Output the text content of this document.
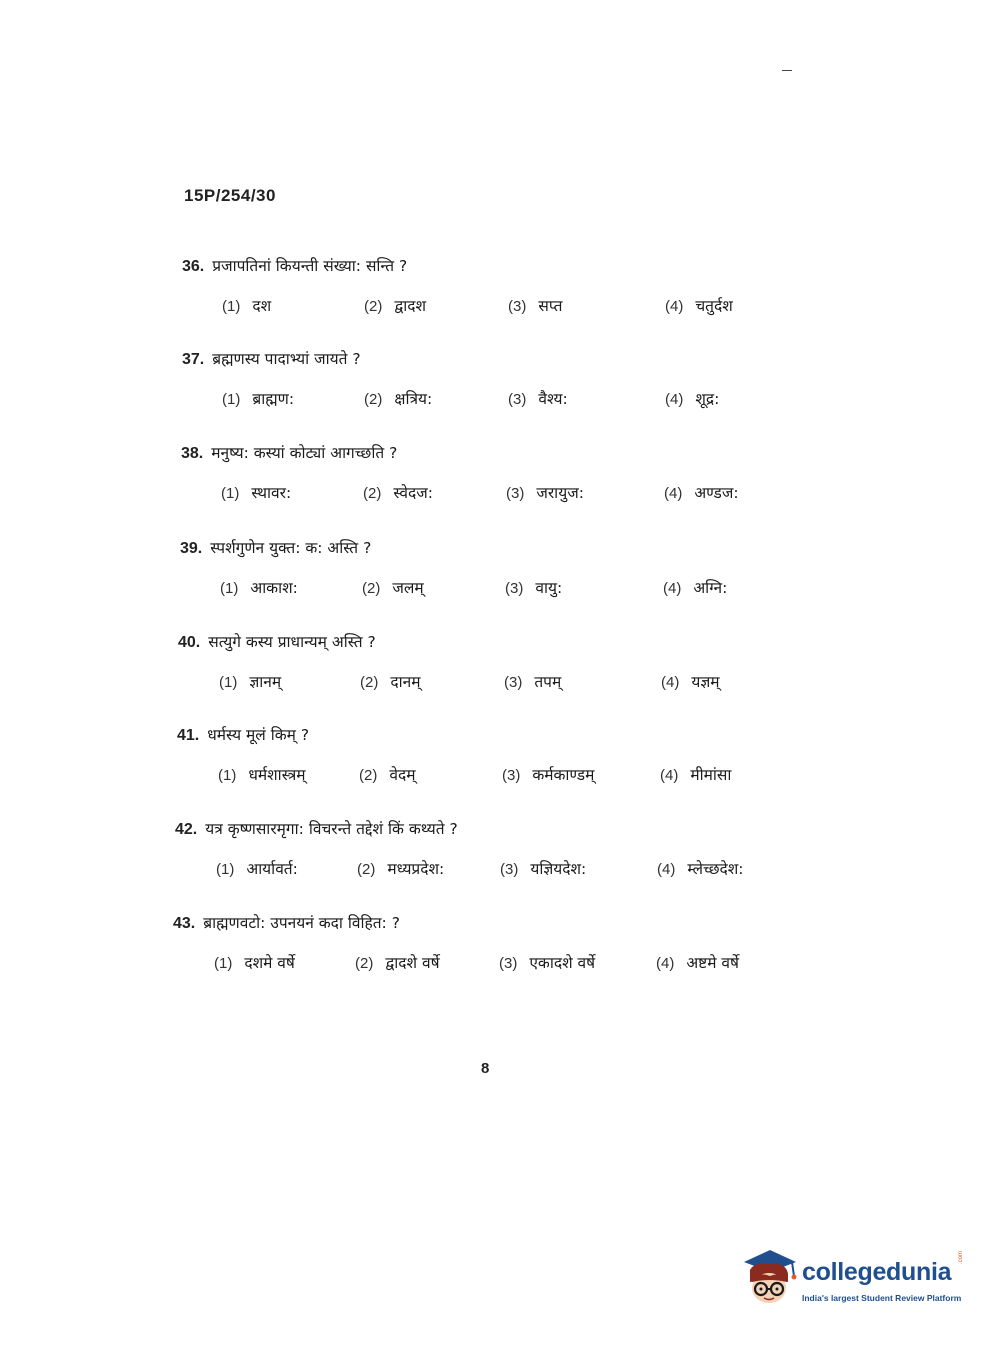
15P/254/30
36. प्रजापतिनां कियन्ती संख्या: सन्ति ?
(1) दश	(2) द्वादश	(3) सप्त	(4) चतुर्दश
37. ब्रह्मणस्य पादाभ्यां जायते ?
(1) ब्राह्मण:	(2) क्षत्रिय:	(3) वैश्य:	(4) शूद्र:
38. मनुष्य: कस्यां कोट्यां आगच्छति ?
(1) स्थावर:	(2) स्वेदज:	(3) जरायुज:	(4) अण्डज:
39. स्पर्शगुणेन युक्त: क: अस्ति ?
(1) आकाश:	(2) जलम्	(3) वायु:	(4) अग्नि:
40. सत्युगे कस्य प्राधान्यम् अस्ति ?
(1) ज्ञानम्	(2) दानम्	(3) तपम्	(4) यज्ञम्
41. धर्मस्य मूलं किम् ?
(1) धर्मशास्त्रम्	(2) वेदम्	(3) कर्मकाण्डम्	(4) मीमांसा
42. यत्र कृष्णसारमृगा: विचरन्ते तद्देशं किं कथ्यते ?
(1) आर्यावर्त:	(2) मध्यप्रदेश:	(3) यज्ञियदेश:	(4) म्लेच्छदेश:
43. ब्राह्मणवटो: उपनयनं कदा विहित: ?
(1) दशमे वर्षे	(2) द्वादशे वर्षे	(3) एकादशे वर्षे	(4) अष्टमे वर्षे
8
collegedunia
.com
India's largest Student Review Platform
